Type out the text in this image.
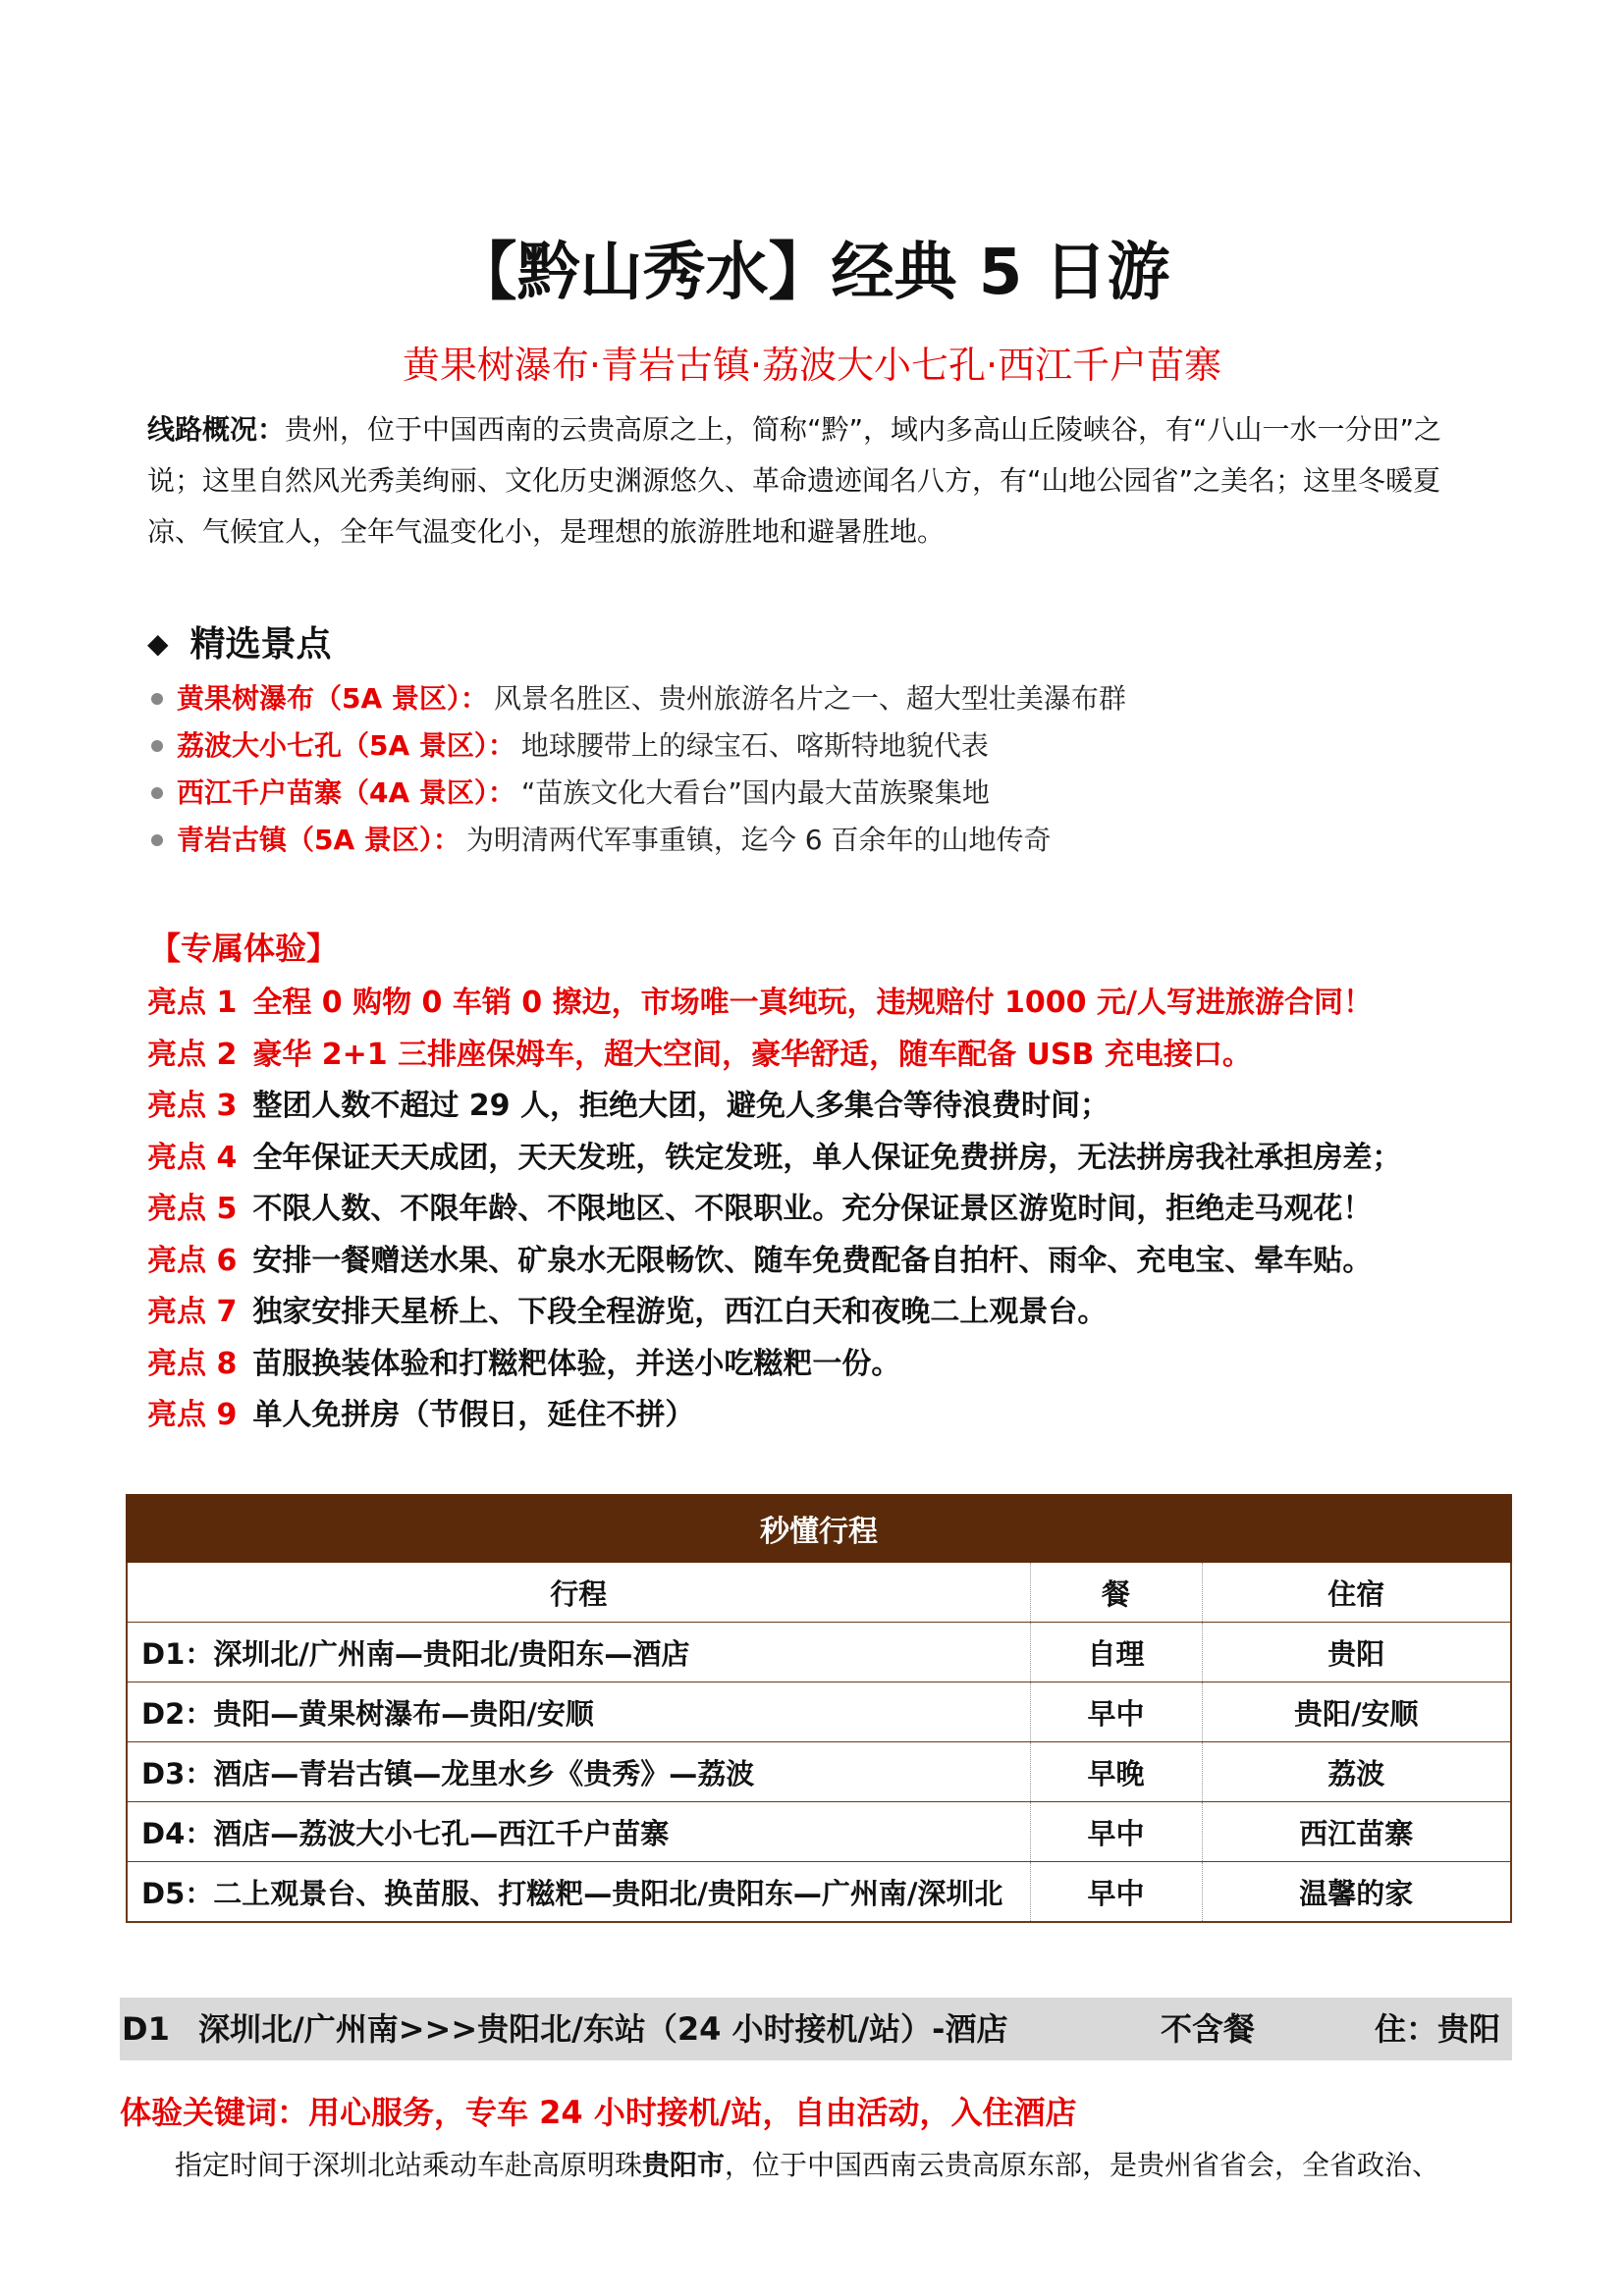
【黔山秀水】经典 5 日游
黄果树瀑布·青岩古镇·荔波大小七孔·西江千户苗寨
线路概况：贵州，位于中国西南的云贵高原之上，简称“黔”，域内多高山丘陵峡谷，有“八山一水一分田”之说；这里自然风光秀美绚丽、文化历史渊源悠久、革命遗迹闻名八方，有“山地公园省”之美名；这里冬暖夏凉、气候宜人，全年气温变化小，是理想的旅游胜地和避暑胜地。
◆ 精选景点
黄果树瀑布（5A 景区）： 风景名胜区、贵州旅游名片之一、超大型壮美瀑布群
荔波大小七孔（5A 景区）： 地球腰带上的绿宝石、喀斯特地貌代表
西江千户苗寨（4A 景区）： “苗族文化大看台”国内最大苗族聚集地
青岩古镇（5A 景区）： 为明清两代军事重镇，迄今 6 百余年的山地传奇
【专属体验】
亮点 1 全程 0 购物 0 车销 0 擦边，市场唯一真纯玩，违规赔付 1000 元/人写进旅游合同！
亮点 2 豪华 2+1 三排座保姆车，超大空间，豪华舒适，随车配备 USB 充电接口。
亮点 3 整团人数不超过 29 人，拒绝大团，避免人多集合等待浪费时间；
亮点 4 全年保证天天成团，天天发班，铁定发班，单人保证免费拼房，无法拼房我社承担房差；
亮点 5 不限人数、不限年龄、不限地区、不限职业。充分保证景区游览时间，拒绝走马观花！
亮点 6 安排一餐赠送水果、矿泉水无限畅饮、随车免费配备自拍杆、雨伞、充电宝、晕车贴。
亮点 7 独家安排天星桥上、下段全程游览，西江白天和夜晚二上观景台。
亮点 8 苗服换装体验和打糍粑体验，并送小吃糍粑一份。
亮点 9 单人免拼房（节假日，延住不拼）
秒懂行程		
行程	餐	住宿
D1：深圳北/广州南—贵阳北/贵阳东—酒店	自理	贵阳
D2：贵阳—黄果树瀑布—贵阳/安顺	早中	贵阳/安顺
D3：酒店—青岩古镇—龙里水乡《贵秀》—荔波	早晚	荔波
D4：酒店—荔波大小七孔—西江千户苗寨	早中	西江苗寨
D5：二上观景台、换苗服、打糍粑—贵阳北/贵阳东—广州南/深圳北	早中	温馨的家
D1 深圳北/广州南>>>贵阳北/东站（24 小时接机/站）-酒店	不含餐	住：贵阳
体验关键词：用心服务，专车 24 小时接机/站，自由活动，入住酒店
指定时间于深圳北站乘动车赴高原明珠贵阳市，位于中国西南云贵高原东部，是贵州省省会，全省政治、
